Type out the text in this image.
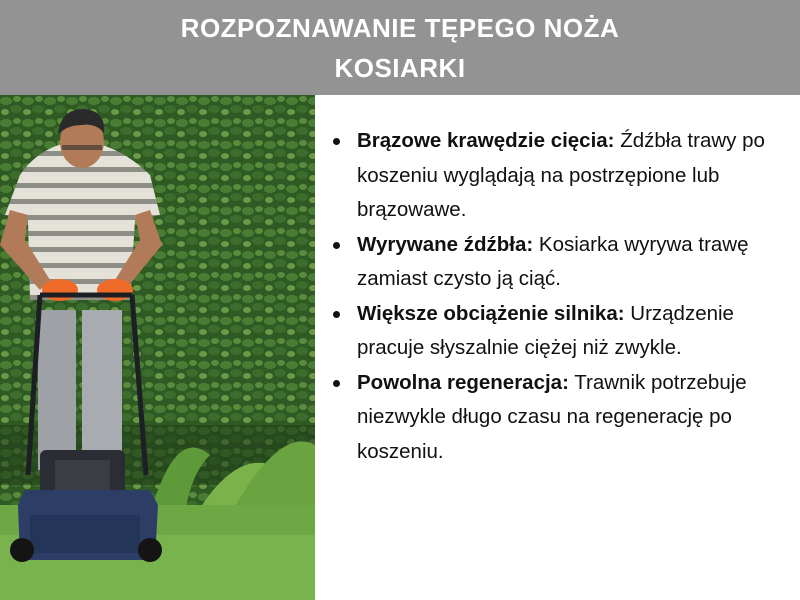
ROZPOZNAWANIE TĘPEGO NOŻA KOSIARKI
Brązowe krawędzie cięcia: Źdźbła trawy po koszeniu wyglądają na postrzępione lub brązowawe.
Wyrywane źdźbła: Kosiarka wyrywa trawę zamiast czysto ją ciąć.
Większe obciążenie silnika: Urządzenie pracuje słyszalnie ciężej niż zwykle.
Powolna regeneracja: Trawnik potrzebuje niezwykle długo czasu na regenerację po koszeniu.
